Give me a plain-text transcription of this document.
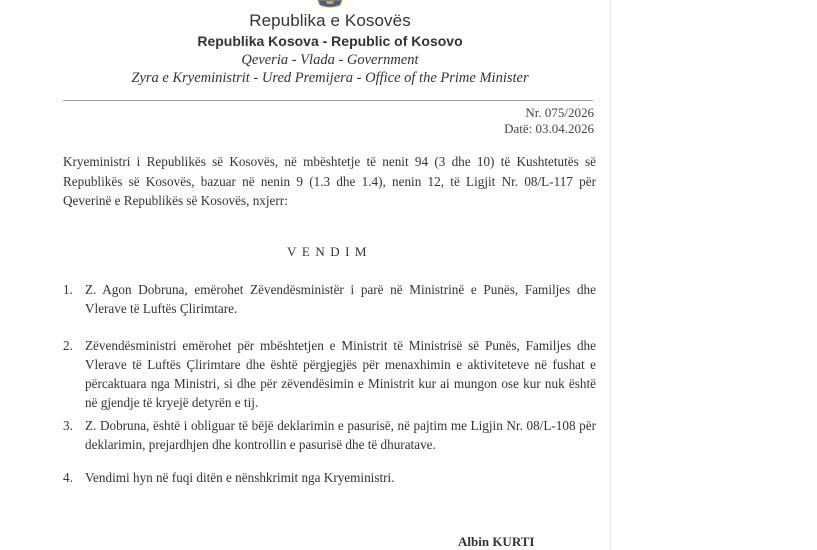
Republika e Kosovës
Republika Kosova - Republic of Kosovo
Qeveria - Vlada - Government
Zyra e Kryeministrit - Ured Premijera - Office of the Prime Minister
Nr. 075/2026
Datë: 03.04.2026
Kryeministri i Republikës së Kosovës, në mbështetje të nenit 94 (3 dhe 10) të Kushtetutës së Republikës së Kosovës, bazuar në nenin 9 (1.3 dhe 1.4), nenin 12, të Ligjit Nr. 08/L-117 për Qeverinë e Republikës së Kosovës, nxjerr:
VENDIM
1. Z. Agon Dobruna, emërohet Zëvendësministër i parë në Ministrinë e Punës, Familjes dhe Vlerave të Luftës Çlirimtare.
2. Zëvendësministri emërohet për mbështetjen e Ministrit të Ministrisë së Punës, Familjes dhe Vlerave të Luftës Çlirimtare dhe është përgjegjës për menaxhimin e aktiviteteve në fushat e përcaktuara nga Ministri, si dhe për zëvendësimin e Ministrit kur ai mungon ose kur nuk është në gjendje të kryejë detyrën e tij.
3. Z. Dobruna, është i obliguar të bëjë deklarimin e pasurisë, në pajtim me Ligjin Nr. 08/L-108 për deklarimin, prejardhjen dhe kontrollin e pasurisë dhe të dhuratave.
4. Vendimi hyn në fuqi ditën e nënshkrimit nga Kryeministri.
Albin KURTI
